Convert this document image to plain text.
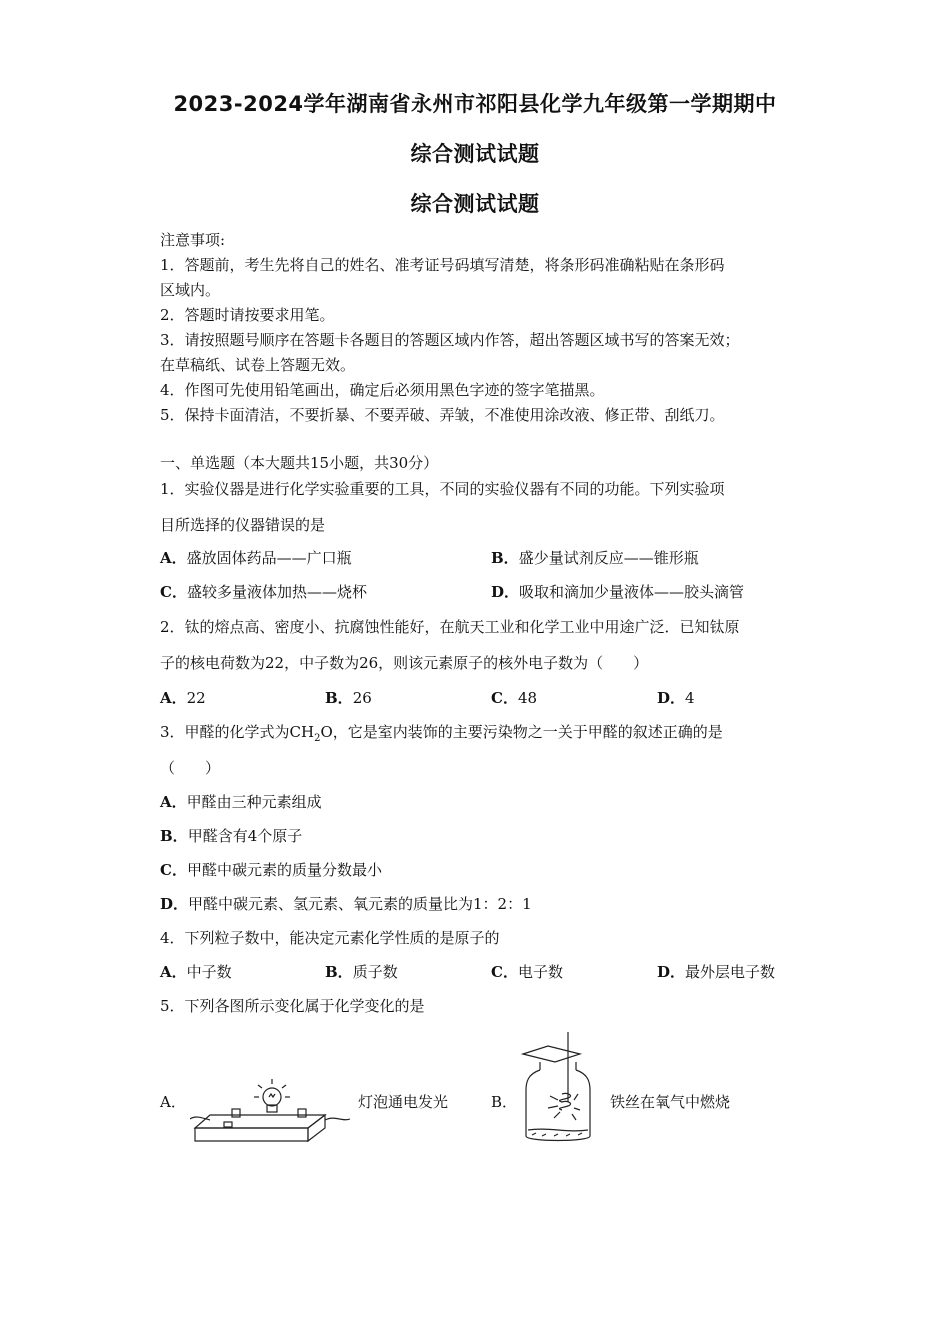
2023-2024学年湖南省永州市祁阳县化学九年级第一学期期中
综合测试试题
综合测试试题
注意事项:
1．答题前，考生先将自己的姓名、准考证号码填写清楚，将条形码准确粘贴在条形码
区域内。
2．答题时请按要求用笔。
3．请按照题号顺序在答题卡各题目的答题区域内作答，超出答题区域书写的答案无效；
在草稿纸、试卷上答题无效。
4．作图可先使用铅笔画出，确定后必须用黑色字迹的签字笔描黑。
5．保持卡面清洁，不要折暴、不要弄破、弄皱，不准使用涂改液、修正带、刮纸刀。
一、单选题（本大题共15小题，共30分）
1．实验仪器是进行化学实验重要的工具，不同的实验仪器有不同的功能。下列实验项
目所选择的仪器错误的是
A．盛放固体药品——广口瓶	B．盛少量试剂反应——锥形瓶
C．盛较多量液体加热——烧杯	D．吸取和滴加少量液体——胶头滴管
2．钛的熔点高、密度小、抗腐蚀性能好，在航天工业和化学工业中用途广泛．已知钛原
子的核电荷数为22，中子数为26，则该元素原子的核外电子数为（　　）
A．22	B．26	C．48	D．4
3．甲醛的化学式为$CH_2O$，它是室内装饰的主要污染物之一关于甲醛的叙述正确的是
（　　）
A．甲醛由三种元素组成
B．甲醛含有4个原子
C．甲醛中碳元素的质量分数最小
D．甲醛中碳元素、氢元素、氧元素的质量比为1：2：1
4．下列粒子数中，能决定元素化学性质的是原子的
A．中子数	B．质子数	C．电子数	D．最外层电子数
5．下列各图所示变化属于化学变化的是
A．	灯泡通电发光	B．	铁丝在氧气中燃烧
